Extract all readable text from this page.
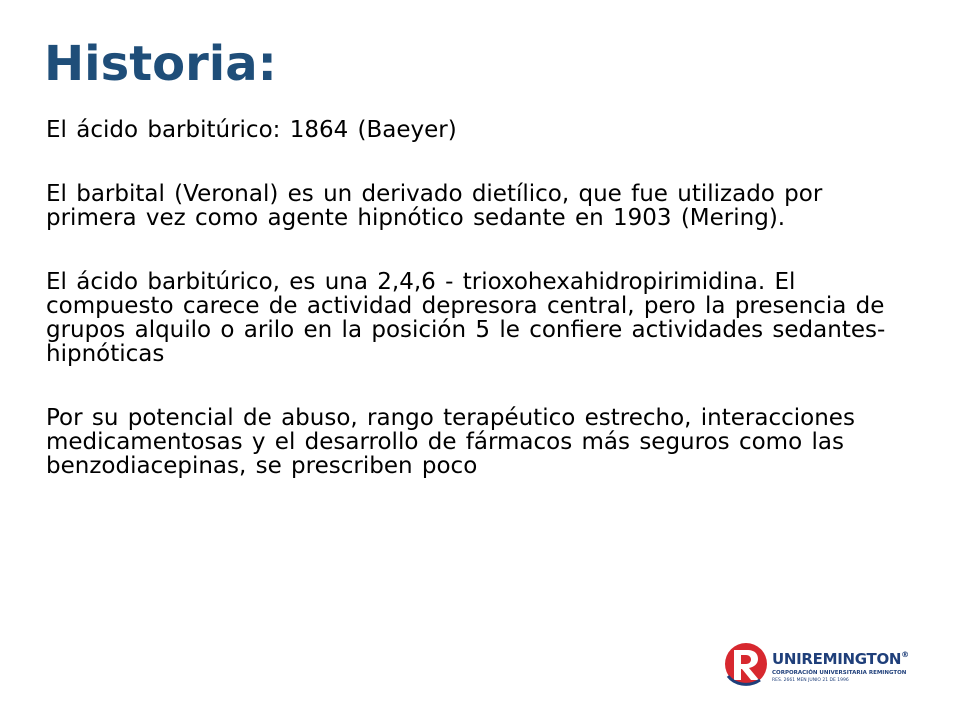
Historia:

El ácido barbitúrico: 1864 (Baeyer)

El barbital (Veronal) es un derivado dietílico, que fue utilizado por primera vez como agente hipnótico sedante en 1903 (Mering).

El ácido barbitúrico, es una 2,4,6 - trioxohexahidropirimidina. El compuesto carece de actividad depresora central, pero la presencia de grupos alquilo o arilo en la posición 5 le confiere actividades sedantes-hipnóticas

Por su potencial de abuso, rango terapéutico estrecho, interacciones medicamentosas y el desarrollo de fármacos más seguros como las benzodiacepinas, se prescriben poco

UNIREMINGTON®
CORPORACIÓN UNIVERSITARIA REMINGTON
RES. 2661 MEN JUNIO 21 DE 1996
